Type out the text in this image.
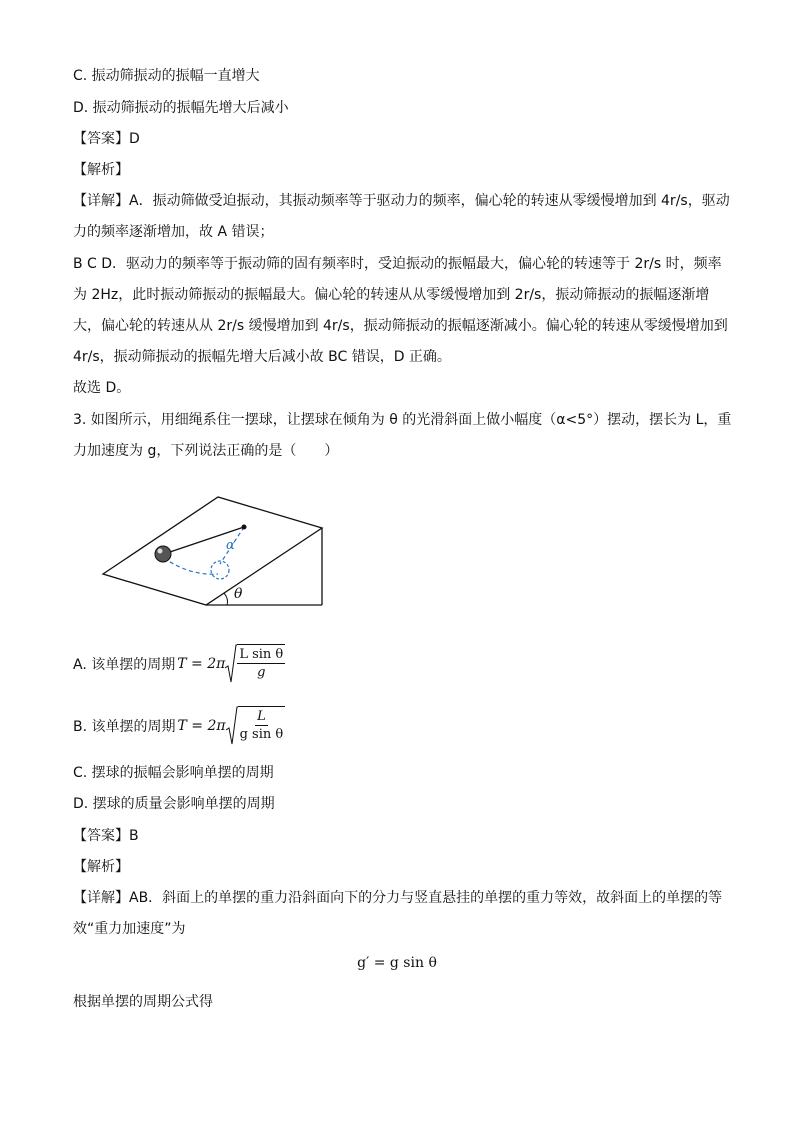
C. 振动筛振动的振幅一直增大
D. 振动筛振动的振幅先增大后减小
【答案】D
【解析】
【详解】A．振动筛做受迫振动，其振动频率等于驱动力的频率，偏心轮的转速从零缓慢增加到 4r/s，驱动力的频率逐渐增加，故 A 错误；
B C D．驱动力的频率等于振动筛的固有频率时，受迫振动的振幅最大，偏心轮的转速等于 2r/s 时，频率为 2Hz，此时振动筛振动的振幅最大。偏心轮的转速从从零缓慢增加到 2r/s，振动筛振动的振幅逐渐增大，偏心轮的转速从从 2r/s 缓慢增加到 4r/s，振动筛振动的振幅逐渐减小。偏心轮的转速从零缓慢增加到 4r/s，振动筛振动的振幅先增大后减小故 BC 错误，D 正确。
故选 D。
3. 如图所示，用细绳系住一摆球，让摆球在倾角为 θ 的光滑斜面上做小幅度（α<5°）摆动，摆长为 L，重力加速度为 g，下列说法正确的是（　　）
α
θ
A. 该单摆的周期 $T = 2\pi \frac{\text{L sin θ}}{g}$
B. 该单摆的周期 $T = 2\pi \frac{L}{\text{g sin θ}}$
C. 摆球的振幅会影响单摆的周期
D. 摆球的质量会影响单摆的周期
【答案】B
【解析】
【详解】AB．斜面上的单摆的重力沿斜面向下的分力与竖直悬挂的单摆的重力等效，故斜面上的单摆的等效“重力加速度”为
g′ = g sin θ
根据单摆的周期公式得
